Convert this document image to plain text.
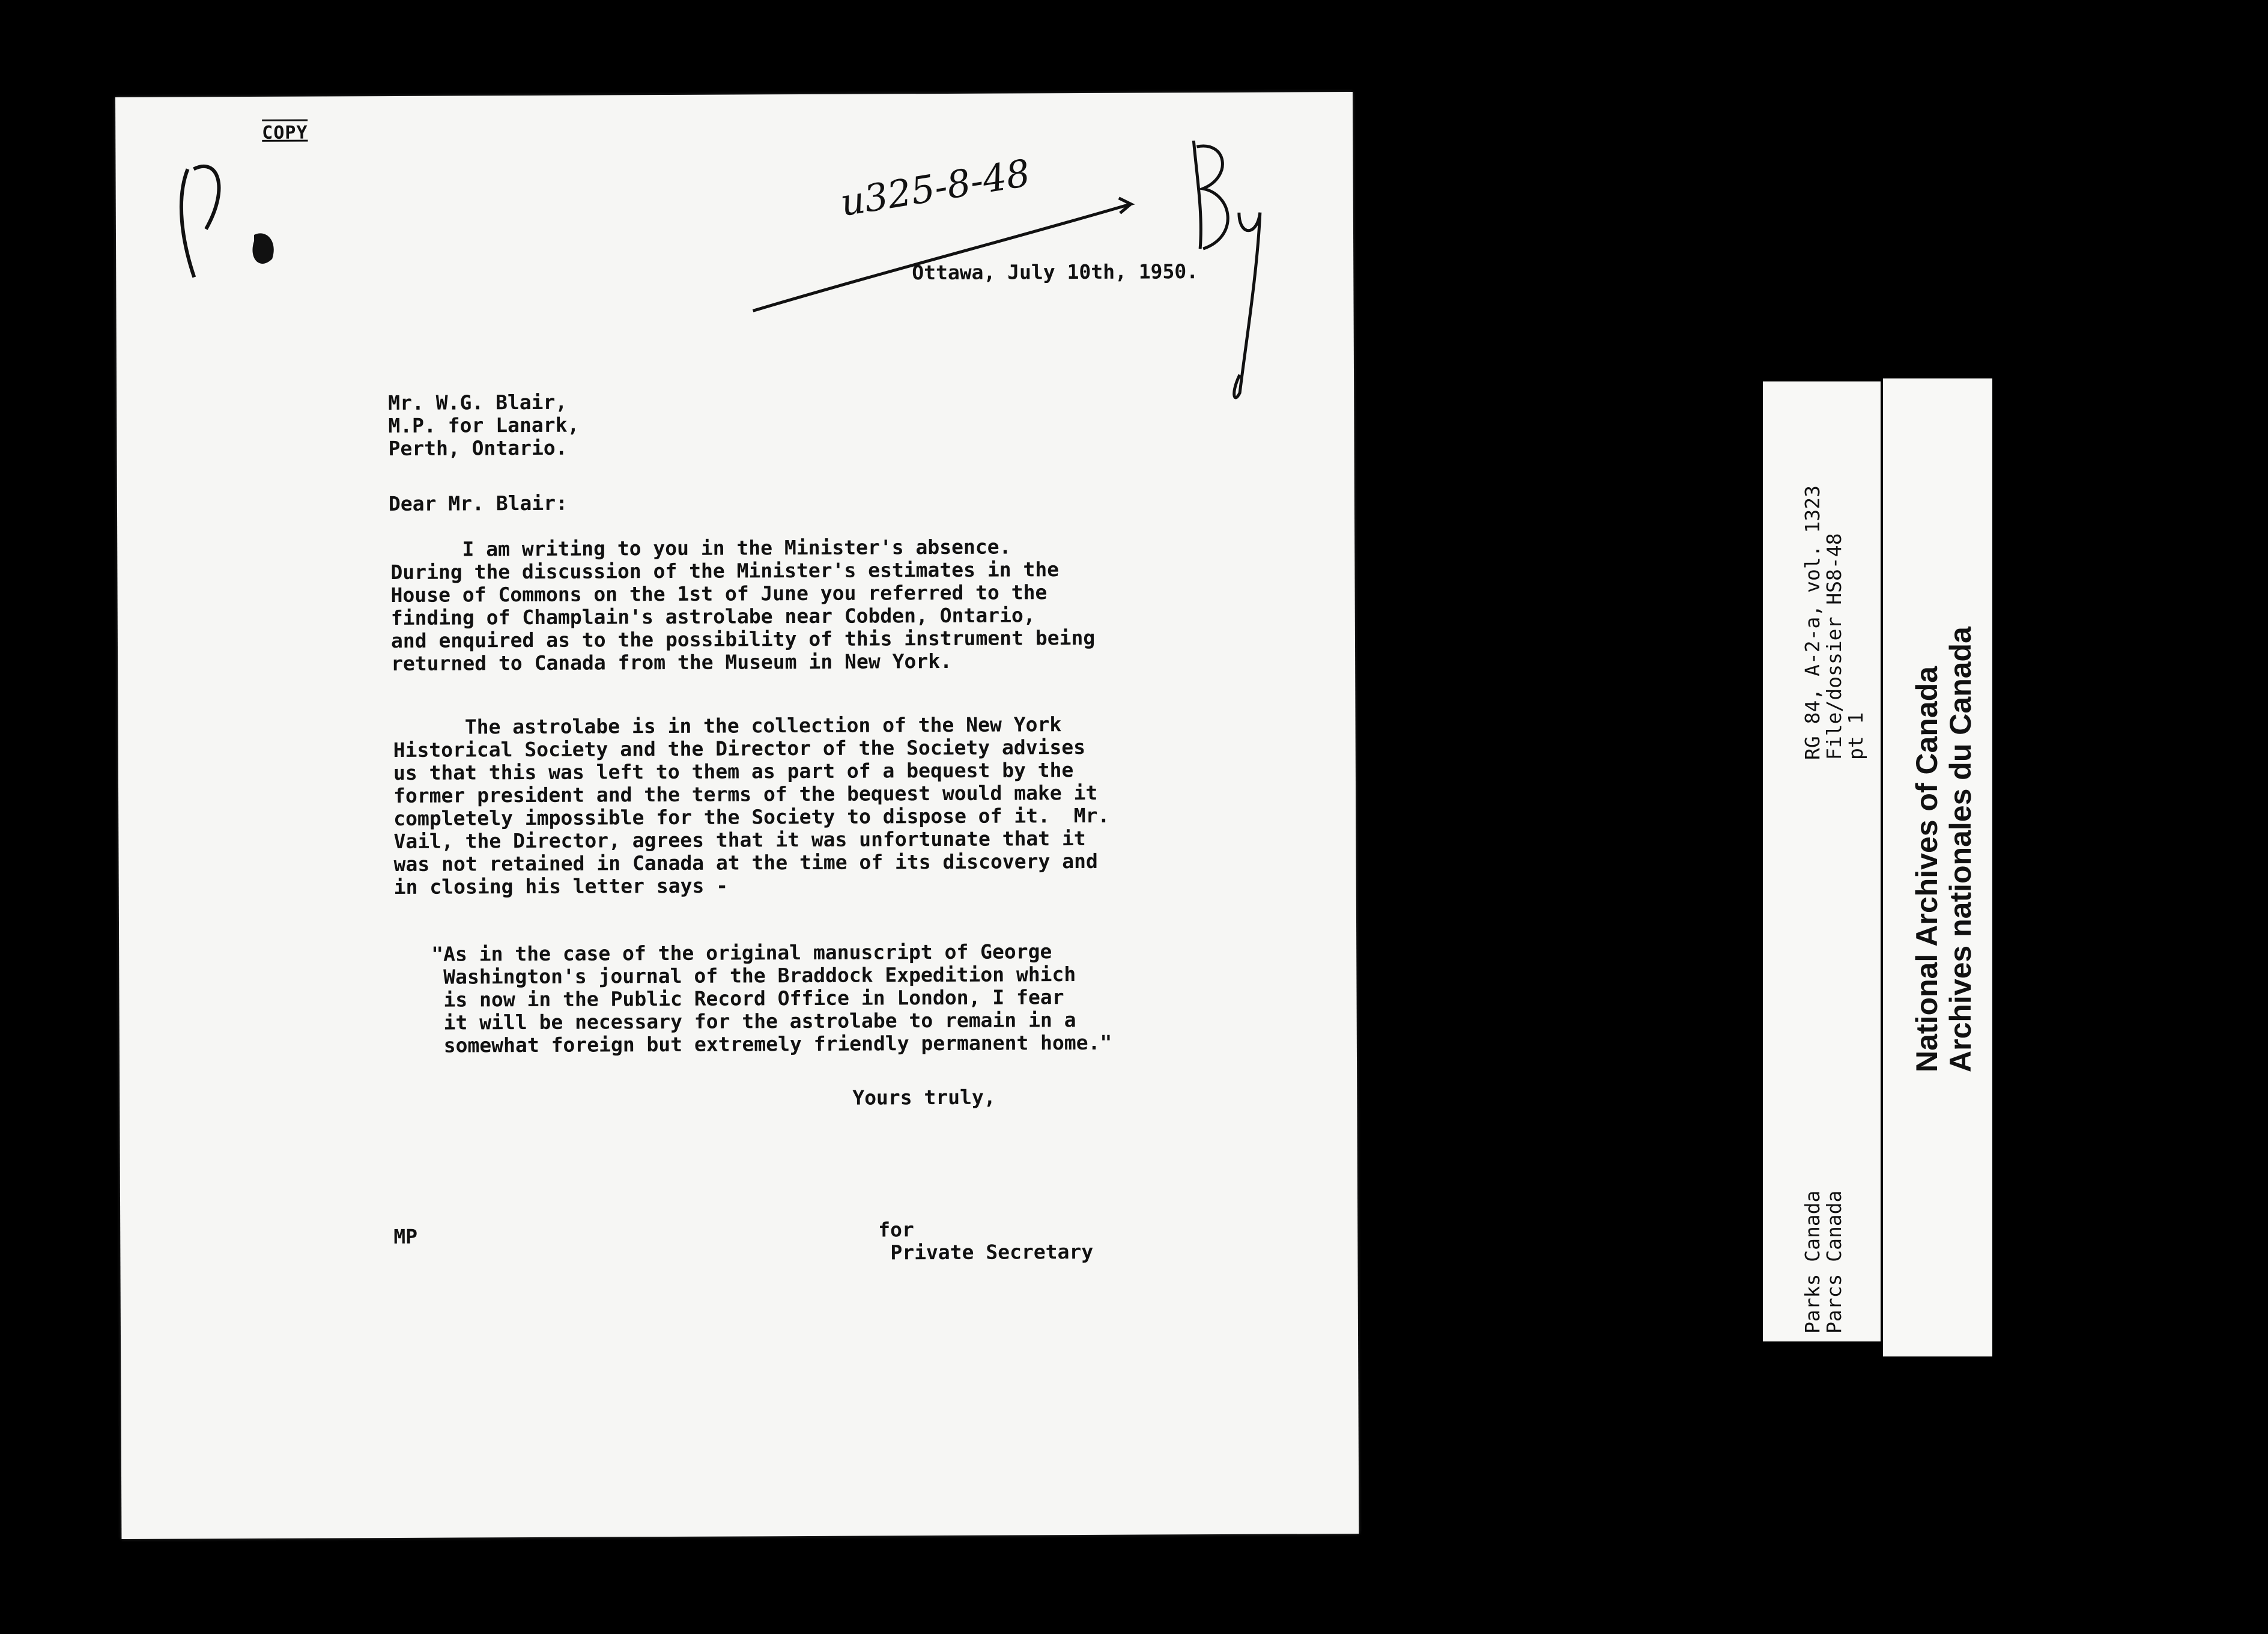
COPY
u325-8-48
Ottawa, July 10th, 1950.
Mr. W.G. Blair,
M.P. for Lanark,
Perth, Ontario.
Dear Mr. Blair:
I am writing to you in the Minister's absence.
During the discussion of the Minister's estimates in the
House of Commons on the 1st of June you referred to the
finding of Champlain's astrolabe near Cobden, Ontario,
and enquired as to the possibility of this instrument being
returned to Canada from the Museum in New York.
The astrolabe is in the collection of the New York
Historical Society and the Director of the Society advises
us that this was left to them as part of a bequest by the
former president and the terms of the bequest would make it
completely impossible for the Society to dispose of it.  Mr.
Vail, the Director, agrees that it was unfortunate that it
was not retained in Canada at the time of its discovery and
in closing his letter says -
"As in the case of the original manuscript of George
Washington's journal of the Braddock Expedition which
is now in the Public Record Office in London, I fear
it will be necessary for the astrolabe to remain in a
somewhat foreign but extremely friendly permanent home."
Yours truly,
MP	for
Private Secretary
RG 84, A-2-a, vol. 1323
File/dossier HS8-48
pt 1
Parks Canada
Parcs Canada
National Archives of Canada
Archives nationales du Canada
